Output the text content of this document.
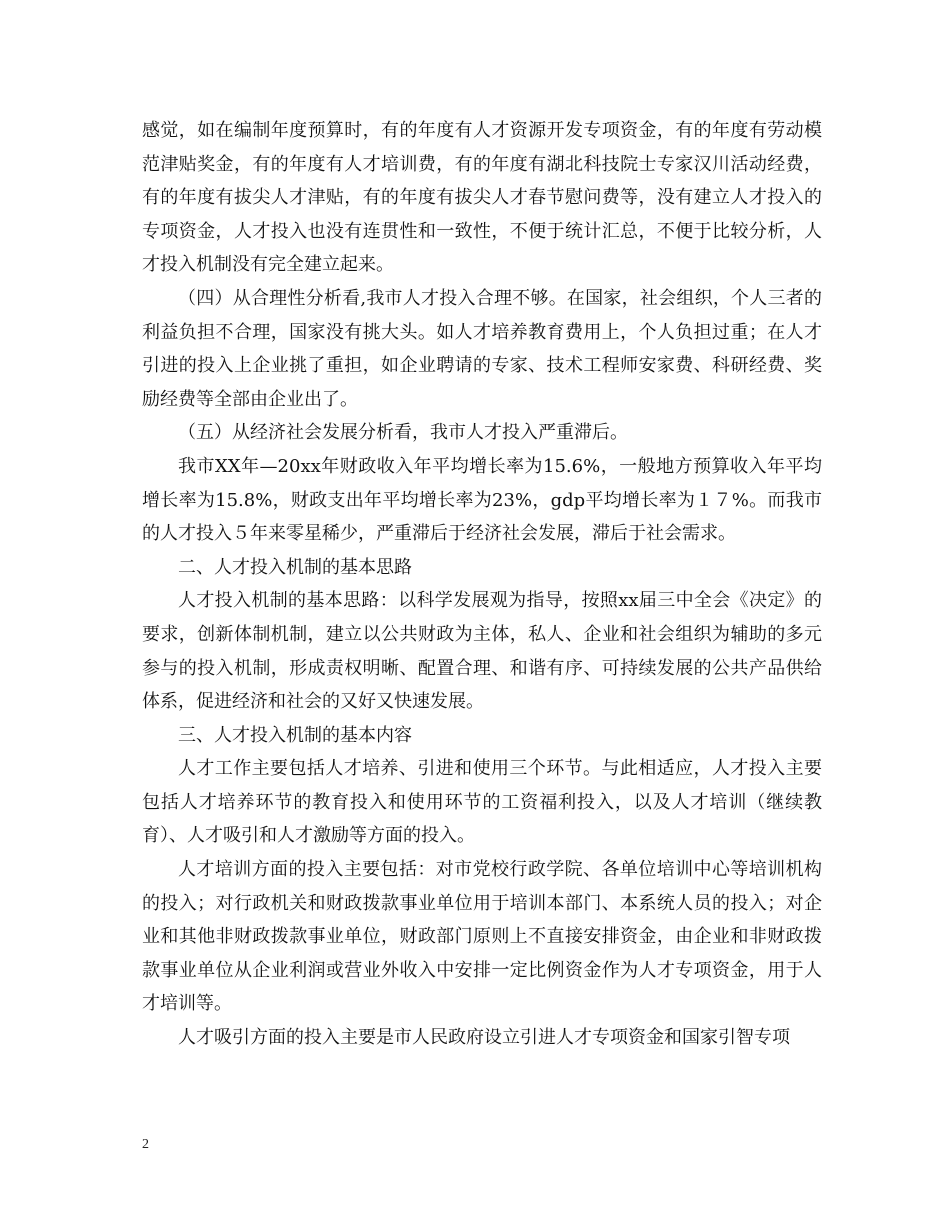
感觉，如在编制年度预算时，有的年度有人才资源开发专项资金，有的年度有劳动模范津贴奖金，有的年度有人才培训费，有的年度有湖北科技院士专家汉川活动经费，有的年度有拔尖人才津贴，有的年度有拔尖人才春节慰问费等，没有建立人才投入的专项资金，人才投入也没有连贯性和一致性，不便于统计汇总，不便于比较分析，人才投入机制没有完全建立起来。

（四）从合理性分析看,我市人才投入合理不够。在国家，社会组织，个人三者的利益负担不合理，国家没有挑大头。如人才培养教育费用上，个人负担过重；在人才引进的投入上企业挑了重担，如企业聘请的专家、技术工程师安家费、科研经费、奖励经费等全部由企业出了。

（五）从经济社会发展分析看，我市人才投入严重滞后。

我市XX年—20xx年财政收入年平均增长率为15.6%，一般地方预算收入年平均增长率为15.8%，财政支出年平均增长率为23%，gdp平均增长率为１７%。而我市的人才投入５年来零星稀少，严重滞后于经济社会发展，滞后于社会需求。

二、人才投入机制的基本思路

人才投入机制的基本思路：以科学发展观为指导，按照xx届三中全会《决定》的要求，创新体制机制，建立以公共财政为主体，私人、企业和社会组织为辅助的多元参与的投入机制，形成责权明晰、配置合理、和谐有序、可持续发展的公共产品供给体系，促进经济和社会的又好又快速发展。

三、人才投入机制的基本内容

人才工作主要包括人才培养、引进和使用三个环节。与此相适应，人才投入主要包括人才培养环节的教育投入和使用环节的工资福利投入，以及人才培训（继续教育）、人才吸引和人才激励等方面的投入。

人才培训方面的投入主要包括：对市党校行政学院、各单位培训中心等培训机构的投入；对行政机关和财政拨款事业单位用于培训本部门、本系统人员的投入；对企业和其他非财政拨款事业单位，财政部门原则上不直接安排资金，由企业和非财政拨款事业单位从企业利润或营业外收入中安排一定比例资金作为人才专项资金，用于人才培训等。

人才吸引方面的投入主要是市人民政府设立引进人才专项资金和国家引智专项

2
